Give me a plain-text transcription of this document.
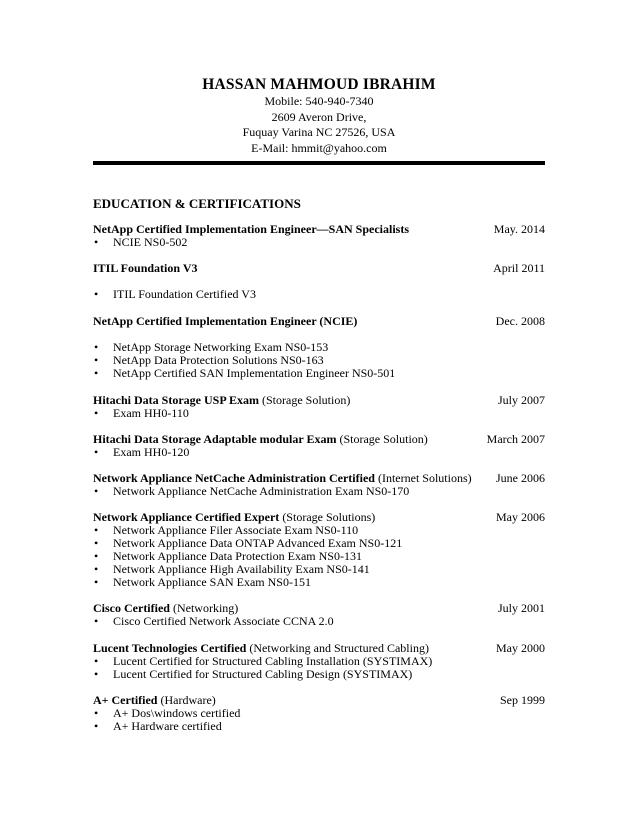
HASSAN MAHMOUD IBRAHIM
Mobile: 540-940-7340
2609 Averon Drive,
Fuquay Varina NC 27526, USA
E-Mail: hmmit@yahoo.com
EDUCATION & CERTIFICATIONS
NetApp Certified Implementation Engineer—SAN Specialists	May. 2014
• NCIE NS0-502
ITIL Foundation V3	April 2011
• ITIL Foundation Certified V3
NetApp Certified Implementation Engineer (NCIE)	Dec. 2008
• NetApp Storage Networking Exam NS0-153
• NetApp Data Protection Solutions NS0-163
• NetApp Certified SAN Implementation Engineer NS0-501
Hitachi Data Storage USP Exam (Storage Solution)	July 2007
• Exam HH0-110
Hitachi Data Storage Adaptable modular Exam (Storage Solution)	March 2007
• Exam HH0-120
Network Appliance NetCache Administration Certified (Internet Solutions) June 2006
• Network Appliance NetCache Administration Exam NS0-170
Network Appliance Certified Expert (Storage Solutions)	May 2006
• Network Appliance Filer Associate Exam NS0-110
• Network Appliance Data ONTAP Advanced Exam NS0-121
• Network Appliance Data Protection Exam NS0-131
• Network Appliance High Availability Exam NS0-141
• Network Appliance SAN Exam NS0-151
Cisco Certified (Networking)	July 2001
• Cisco Certified Network Associate CCNA 2.0
Lucent Technologies Certified (Networking and Structured Cabling)	May 2000
• Lucent Certified for Structured Cabling Installation (SYSTIMAX)
• Lucent Certified for Structured Cabling Design (SYSTIMAX)
A+ Certified (Hardware)	Sep 1999
• A+ Dos\windows certified
• A+ Hardware certified
